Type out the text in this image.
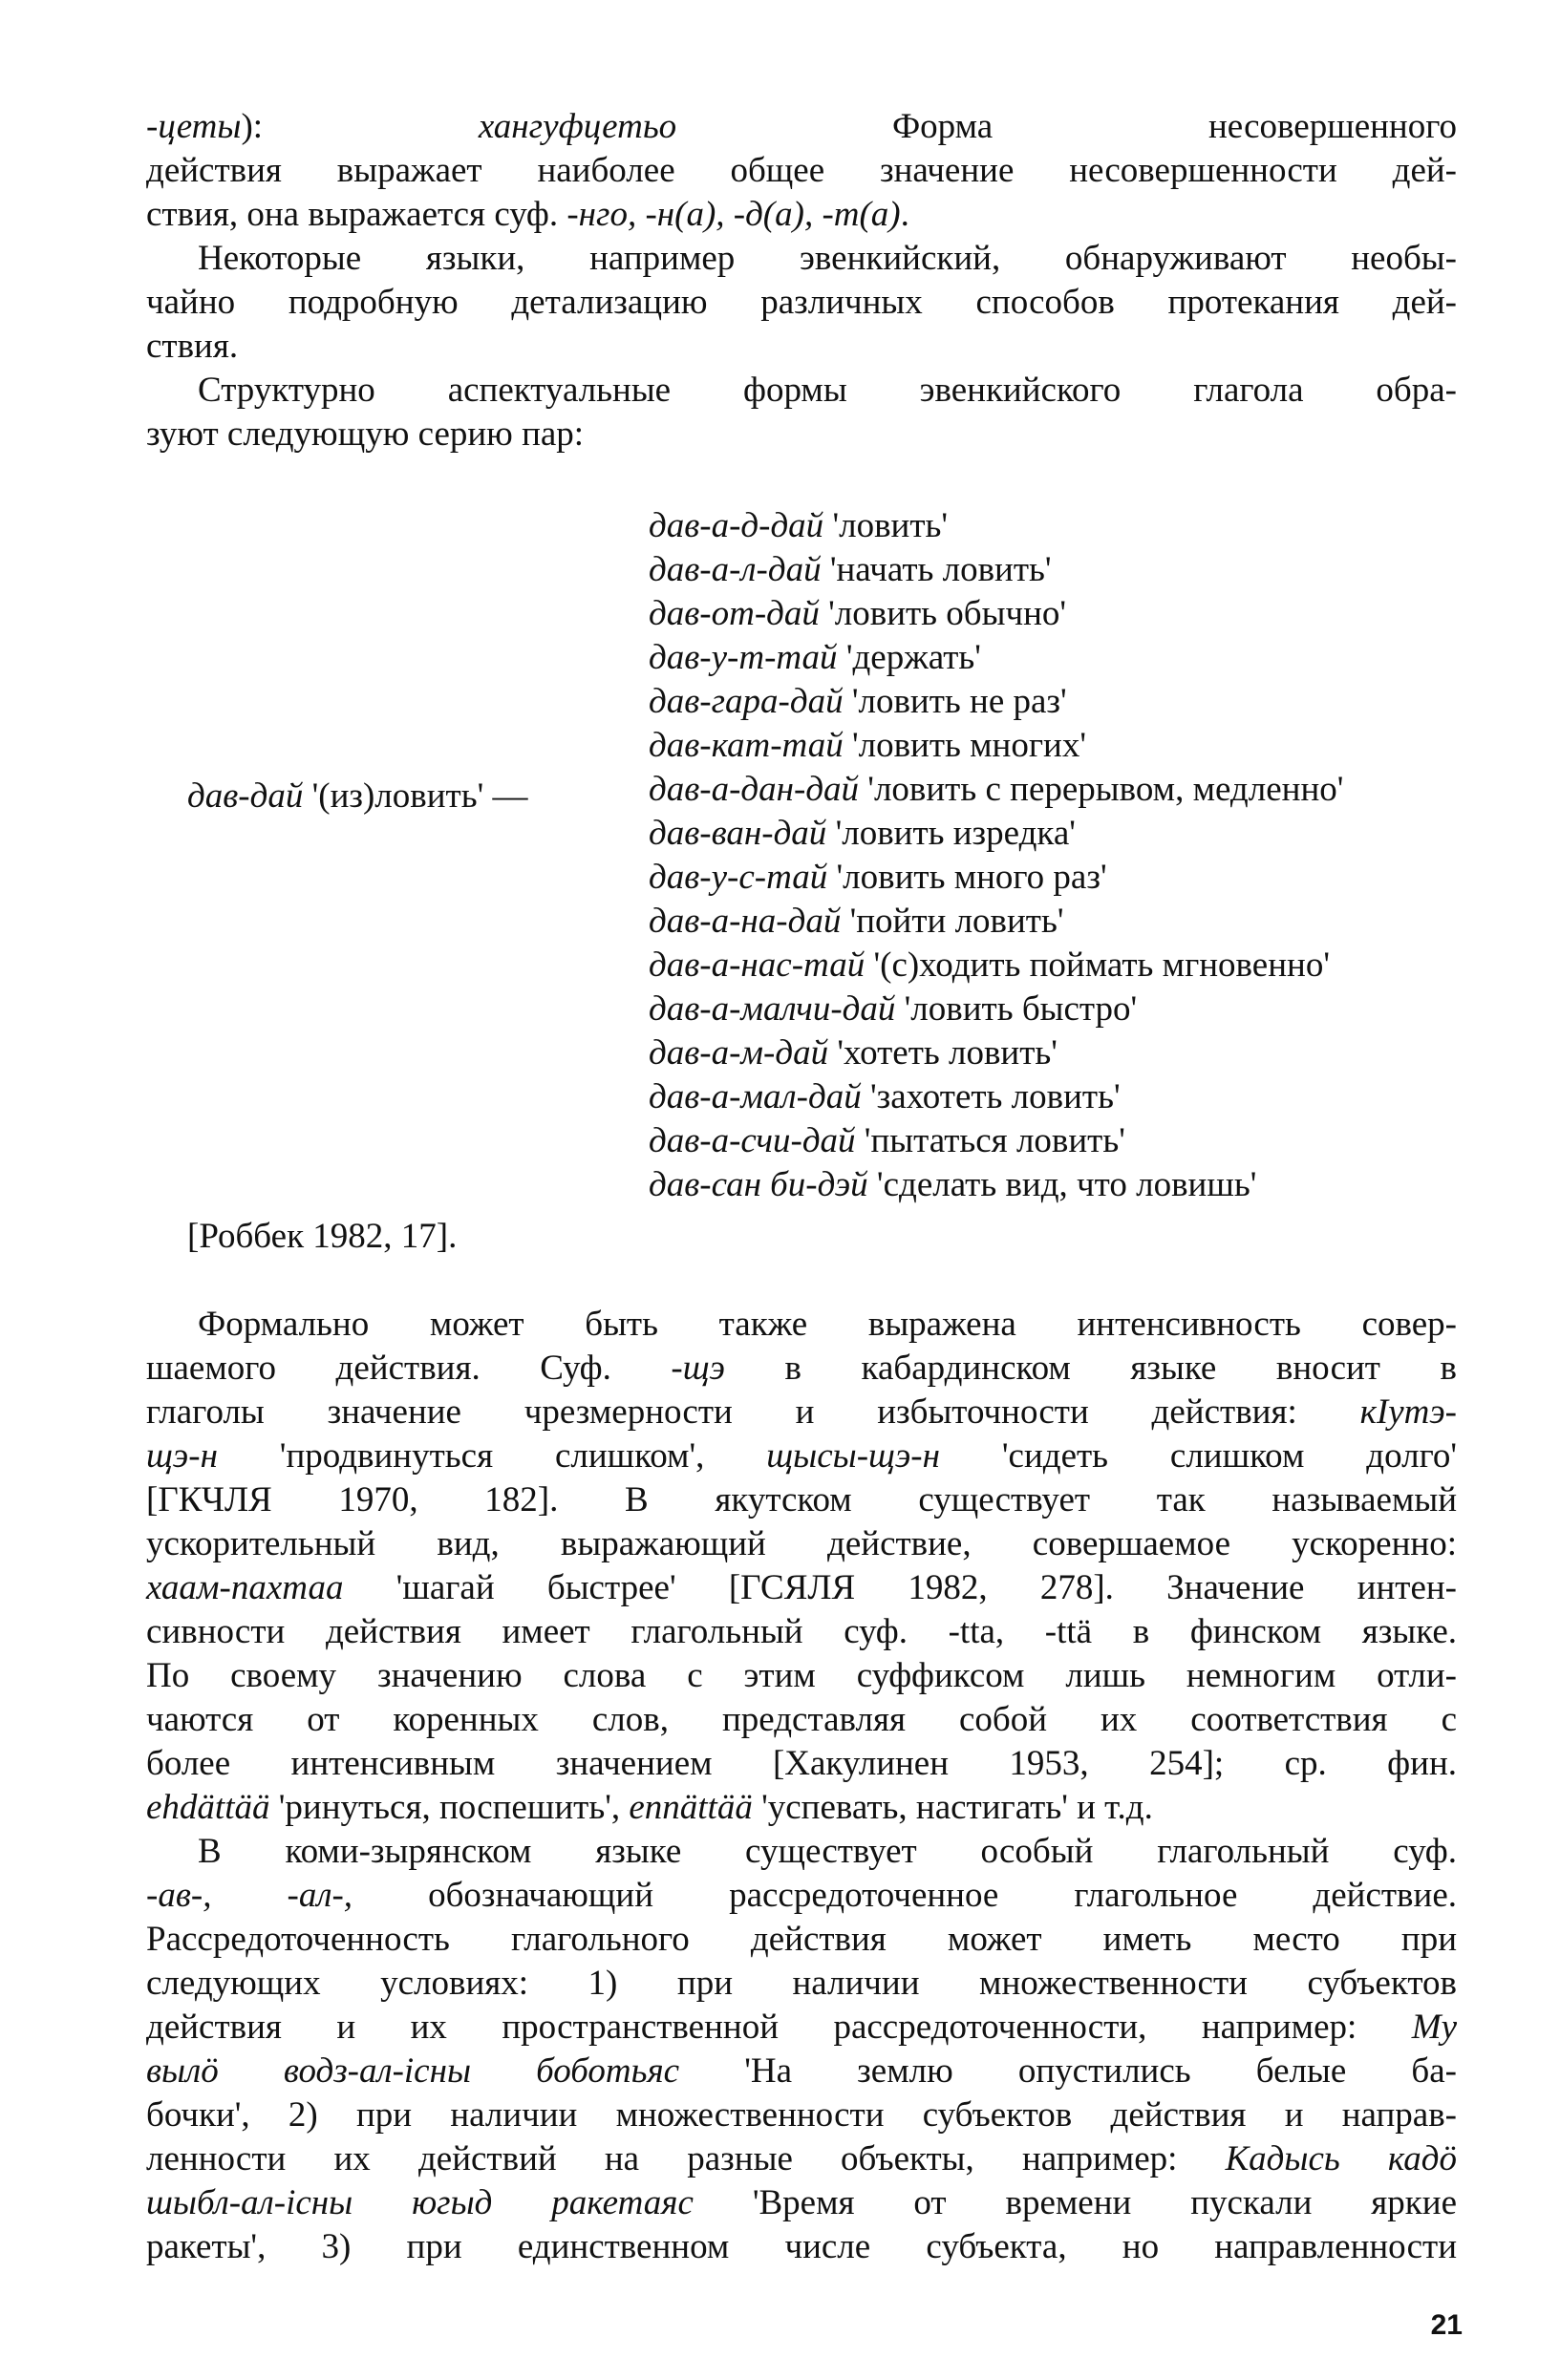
-цеты): хангуфцетьо Форма несовершенного

действия выражает наиболее общее значение несовершенности дей-

ствия, она выражается суф. -нго, -н(а), -д(а), -т(а).

Некоторые языки, например эвенкийский, обнаруживают необы-

чайно подробную детализацию различных способов протекания дей-

ствия.

Структурно аспектуальные формы эвенкийского глагола обра-

зуют следующую серию пар:

дав-дай '(из)ловить' —
дав-а-д-дай 'ловить'
дав-а-л-дай 'начать ловить'
дав-от-дай 'ловить обычно'
дав-у-т-тай 'держать'
дав-гара-дай 'ловить не раз'
дав-кат-тай 'ловить многих'
дав-а-дан-дай 'ловить с перерывом, медленно'
дав-ван-дай 'ловить изредка'
дав-у-с-тай 'ловить много раз'
дав-а-на-дай 'пойти ловить'
дав-а-нас-тай '(с)ходить поймать мгновенно'
дав-а-малчи-дай 'ловить быстро'
дав-а-м-дай 'хотеть ловить'
дав-а-мал-дай 'захотеть ловить'
дав-а-счи-дай 'пытаться ловить'
дав-сан би-дэй 'сделать вид, что ловишь'
[Роббек 1982, 17].

Формально может быть также выражена интенсивность совер-

шаемого действия. Суф. -щэ в кабардинском языке вносит в

глаголы значение чрезмерности и избыточности действия: кIутэ-

щэ-н 'продвинуться слишком', щысы-щэ-н 'сидеть слишком долго'

[ГКЧЛЯ 1970, 182]. В якутском существует так называемый

ускорительный вид, выражающий действие, совершаемое ускоренно:

хаам-пахтаа 'шагай быстрее' [ГСЯЛЯ 1982, 278]. Значение интен-

сивности действия имеет глагольный суф. -tta, -ttä в финском языке.

По своему значению слова с этим суффиксом лишь немногим отли-

чаются от коренных слов, представляя собой их соответствия с

более интенсивным значением [Хакулинен 1953, 254]; ср. фин.

ehdättää 'ринуться, поспешить', ennättää 'успевать, настигать' и т.д.

В коми-зырянском языке существует особый глагольный суф.

-ав-, -ал-, обозначающий рассредоточенное глагольное действие.

Рассредоточенность глагольного действия может иметь место при

следующих условиях: 1) при наличии множественности субъектов

действия и их пространственной рассредоточенности, например: Му

вылö водз-ал-iсны боботьяс 'На землю опустились белые ба-

бочки', 2) при наличии множественности субъектов действия и направ-

ленности их действий на разные объекты, например: Кадысь кадö

шыбл-ал-iсны югыд ракетаяс 'Время от времени пускали яркие

ракеты', 3) при единственном числе субъекта, но направленности

21
